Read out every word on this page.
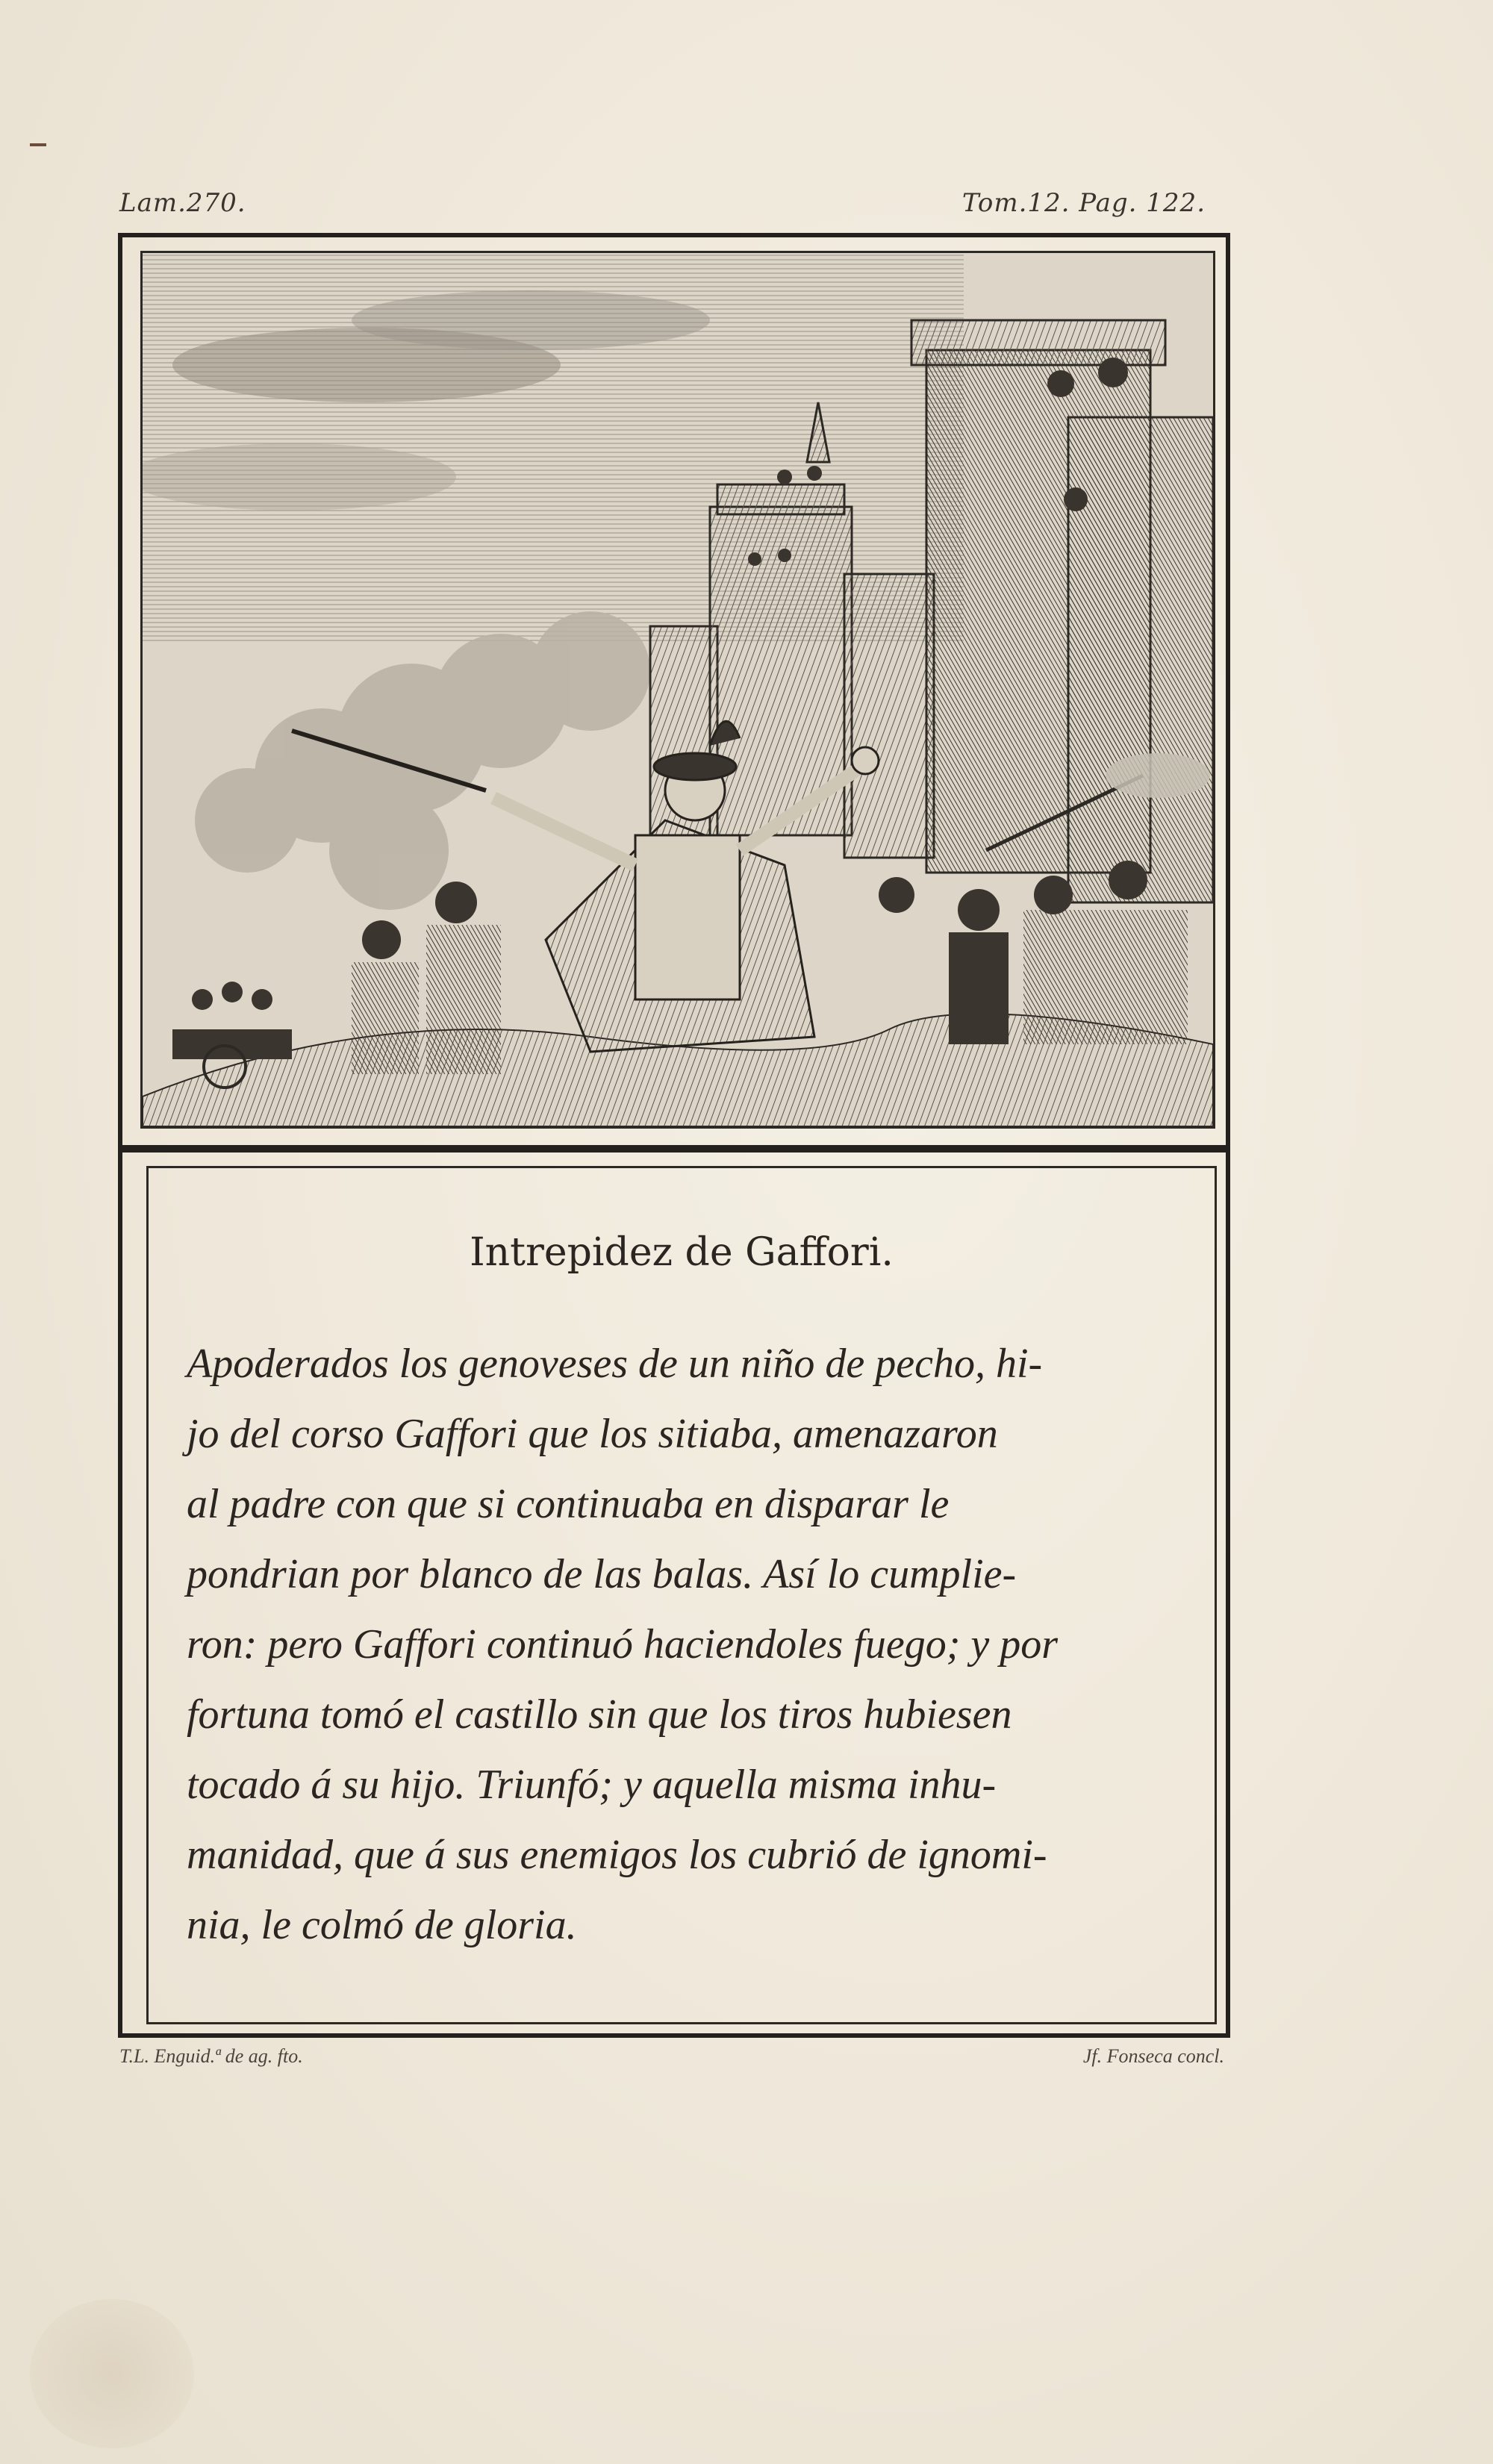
Lam.270.	Tom.12. Pag. 122.
Intrepidez de Gaffori.
Apoderados los genoveses de un niño de pecho, hi-
jo del corso Gaffori que los sitiaba, amenazaron
al padre con que si continuaba en disparar le
pondrian por blanco de las balas. Así lo cumplie-
ron: pero Gaffori continuó haciendoles fuego; y por
fortuna tomó el castillo sin que los tiros hubiesen
tocado á su hijo. Triunfó; y aquella misma inhu-
manidad, que á sus enemigos los cubrió de ignomi-
nia, le colmó de gloria.
T.L. Enguid.ª de ag. fto.	Jf. Fonseca concl.
